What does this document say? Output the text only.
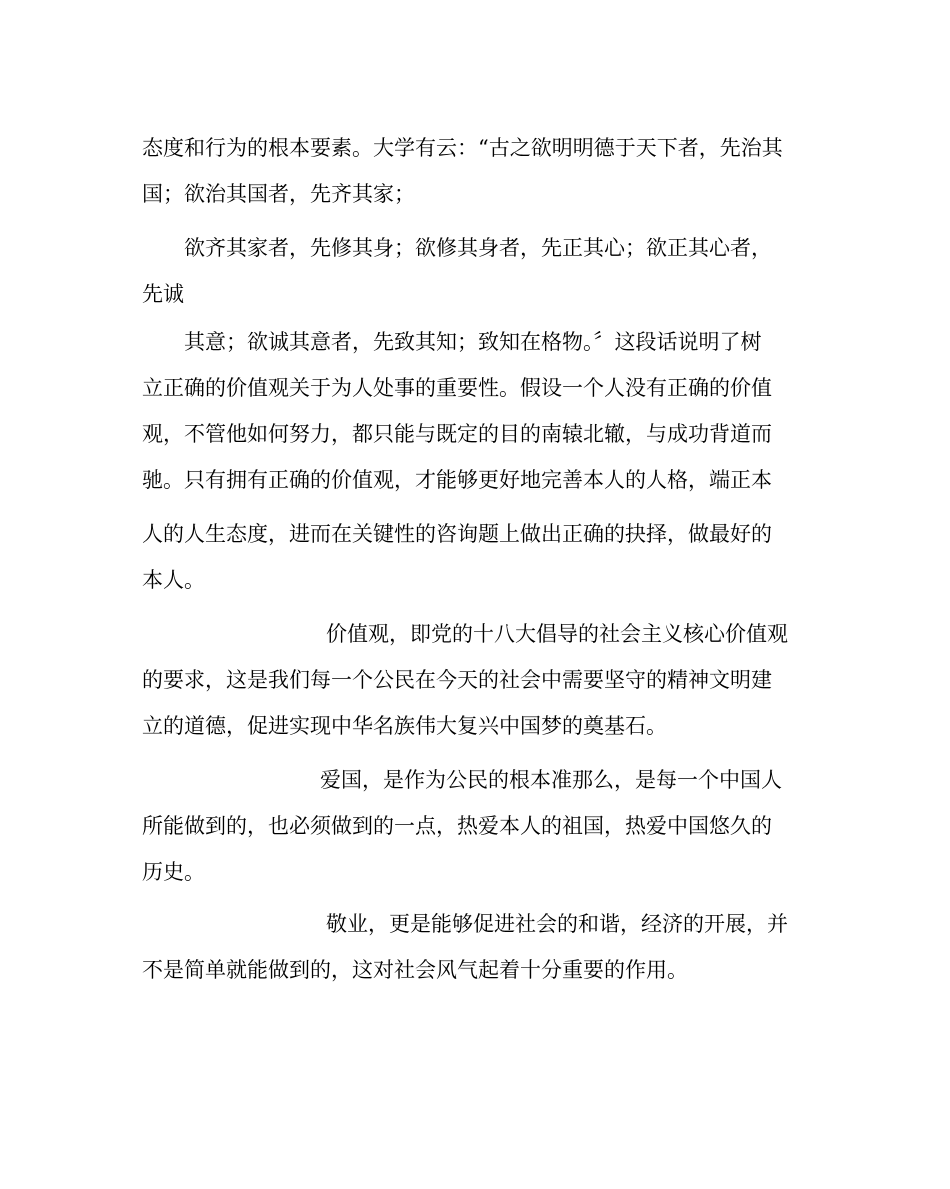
态度和行为的根本要素。大学有云：“古之欲明明德于天下者，先治其
国；欲治其国者，先齐其家；
欲齐其家者，先修其身；欲修其身者，先正其心；欲正其心者，
先诚
其意；欲诚其意者，先致其知；致知在格物。〞这段话说明了树
立正确的价值观关于为人处事的重要性。假设一个人没有正确的价值
观，不管他如何努力，都只能与既定的目的南辕北辙，与成功背道而
驰。只有拥有正确的价值观，才能够更好地完善本人的人格，端正本
人的人生态度，进而在关键性的咨询题上做出正确的抉择，做最好的
本人。
价值观，即党的十八大倡导的社会主义核心价值观
的要求，这是我们每一个公民在今天的社会中需要坚守的精神文明建
立的道德，促进实现中华名族伟大复兴中国梦的奠基石。
爱国，是作为公民的根本准那么，是每一个中国人
所能做到的，也必须做到的一点，热爱本人的祖国，热爱中国悠久的
历史。
敬业，更是能够促进社会的和谐，经济的开展，并
不是简单就能做到的，这对社会风气起着十分重要的作用。
